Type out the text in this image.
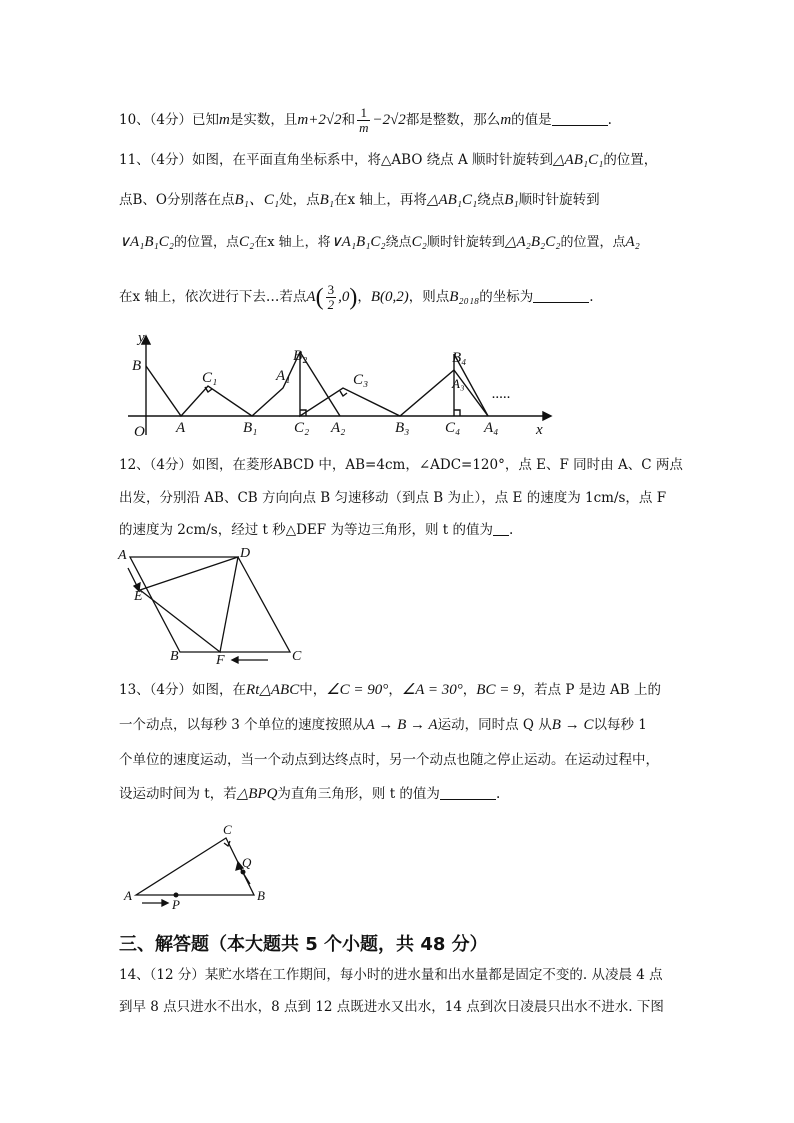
10、（4分）已知m是实数，且m+2√2和 $\frac{1}{m} -2√2$都是整数，那么m的值是	.
11、（4分）如图，在平面直角坐标系中，将△ABO 绕点 A 顺时针旋转到△AB₁C₁的位置，
点B、O分别落在点B₁、C₁处，点B₁在x 轴上，再将△AB₁C₁绕点B₁顺时针旋转到
∨A₁B₁C₂的位置，点C₂在x 轴上，将∨A₁B₁C₂绕点C₂顺时针旋转到△A₂B₂C₂的位置，点A₂
在x 轴上，依次进行下去…若点$A( \frac{3}{2} ,0)$，B(0,2)，则点B₂₀₁₈的坐标为	.
y
x
B
O A
C₁
B₁
A₁
B₂
C₂ A₂
C₃
B₃
B₄
A₃
C₄ A₄
.....
12、（4分）如图，在菱形ABCD 中，AB=4cm，∠ADC=120°，点 E、F 同时由 A、C 两点
出发，分别沿 AB、CB 方向向点 B 匀速移动（到点 B 为止），点 E 的速度为 1cm/s，点 F
的速度为 2cm/s，经过 t 秒△DEF 为等边三角形，则 t 的值为 .
A	D
E
B	F	C
13、（4分）如图，在Rt△ABC中，∠C = 90°，∠A = 30°，BC = 9，若点 P 是边 AB 上的
一个动点，以每秒 3 个单位的速度按照从A → B → A运动，同时点 Q 从B → C以每秒 1
个单位的速度运动，当一个动点到达终点时，另一个动点也随之停止运动。在运动过程中，
设运动时间为 t，若△BPQ为直角三角形，则 t 的值为	.
C
Q
A
P
B
三、解答题（本大题共 5 个小题，共 48 分）
14、（12 分）某贮水塔在工作期间，每小时的进水量和出水量都是固定不变的. 从凌晨 4 点
到早 8 点只进水不出水，8 点到 12 点既进水又出水，14 点到次日凌晨只出水不进水. 下图
